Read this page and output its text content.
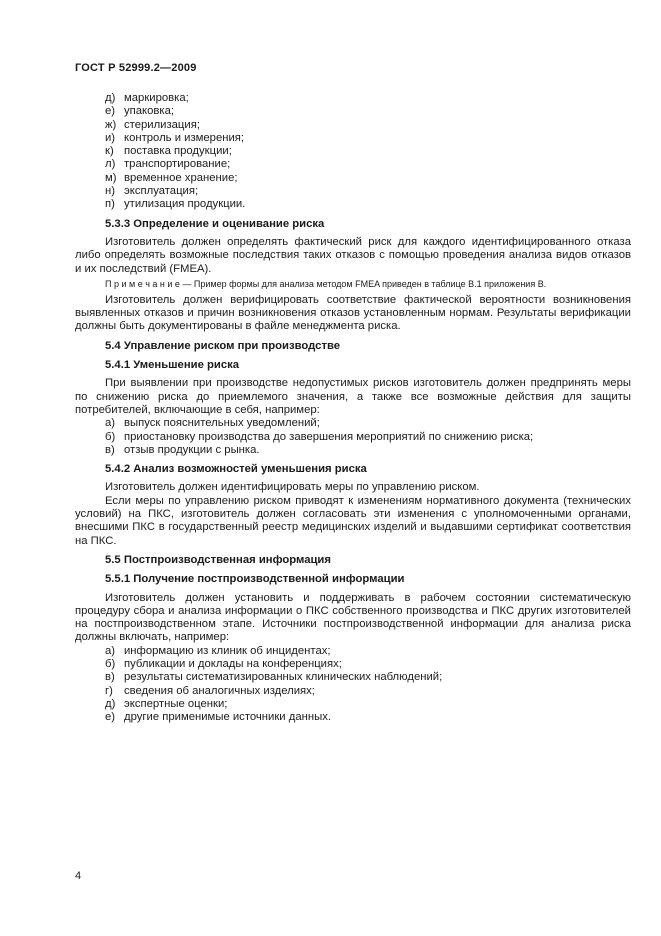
ГОСТ Р 52999.2—2009
д) маркировка;
е) упаковка;
ж) стерилизация;
и) контроль и измерения;
к) поставка продукции;
л) транспортирование;
м) временное хранение;
н) эксплуатация;
п) утилизация продукции.
5.3.3 Определение и оценивание риска
Изготовитель должен определять фактический риск для каждого идентифицированного отказа либо определять возможные последствия таких отказов с помощью проведения анализа видов отказов и их последствий (FMEA).
П р и м е ч а н и е — Пример формы для анализа методом FMEA приведен в таблице В.1 приложения В.
Изготовитель должен верифицировать соответствие фактической вероятности возникновения выявленных отказов и причин возникновения отказов установленным нормам. Результаты верификации должны быть документированы в файле менеджмента риска.
5.4 Управление риском при производстве
5.4.1 Уменьшение риска
При выявлении при производстве недопустимых рисков изготовитель должен предпринять меры по снижению риска до приемлемого значения, а также все возможные действия для защиты потребителей, включающие в себя, например:
а) выпуск пояснительных уведомлений;
б) приостановку производства до завершения мероприятий по снижению риска;
в) отзыв продукции с рынка.
5.4.2 Анализ возможностей уменьшения риска
Изготовитель должен идентифицировать меры по управлению риском.
Если меры по управлению риском приводят к изменениям нормативного документа (технических условий) на ПКС, изготовитель должен согласовать эти изменения с уполномоченными органами, внесшими ПКС в государственный реестр медицинских изделий и выдавшими сертификат соответствия на ПКС.
5.5 Постпроизводственная информация
5.5.1 Получение постпроизводственной информации
Изготовитель должен установить и поддерживать в рабочем состоянии систематическую процедуру сбора и анализа информации о ПКС собственного производства и ПКС других изготовителей на постпроизводственном этапе. Источники постпроизводственной информации для анализа риска должны включать, например:
а) информацию из клиник об инцидентах;
б) публикации и доклады на конференциях;
в) результаты систематизированных клинических наблюдений;
г) сведения об аналогичных изделиях;
д) экспертные оценки;
е) другие применимые источники данных.
4
